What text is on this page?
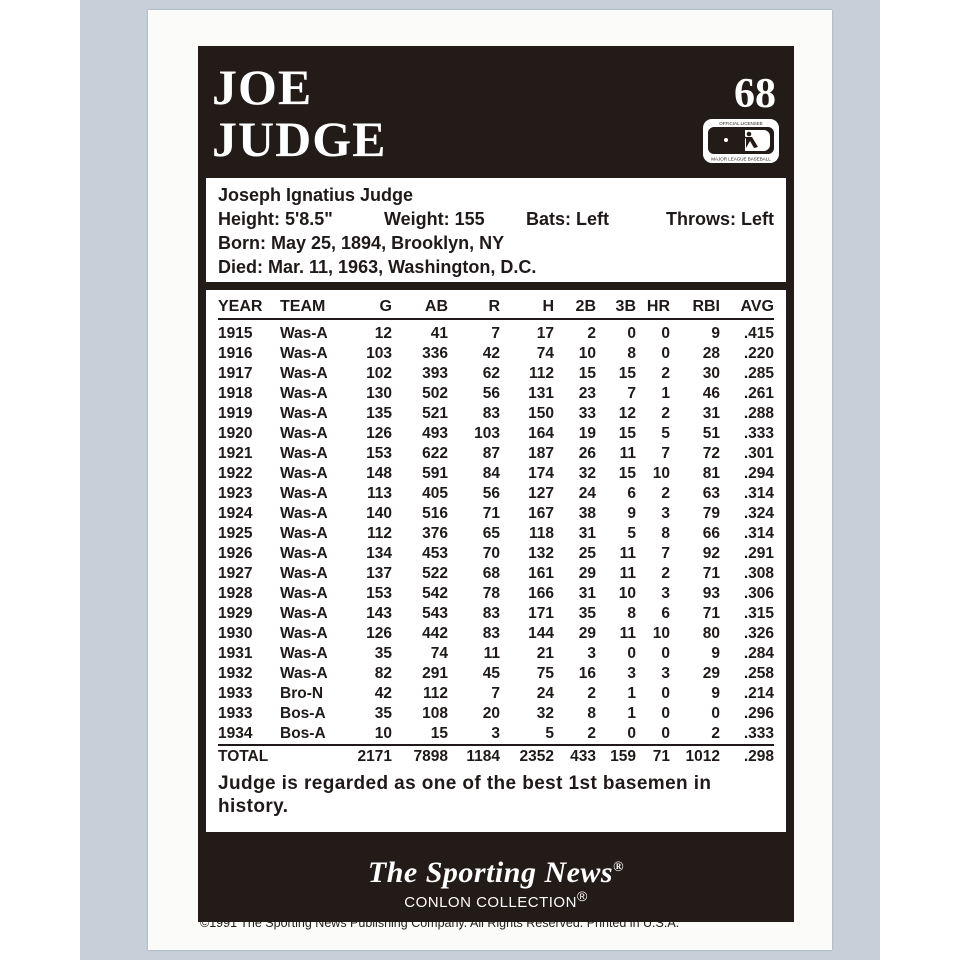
JOE
JUDGE
68
OFFICIAL LICENSEE
MAJOR LEAGUE BASEBALL
Joseph Ignatius Judge
Height: 5'8.5"	Weight: 155 Bats: Left	Throws: Left
Born: May 25, 1894, Brooklyn, NY
Died: Mar. 11, 1963, Washington, D.C.
YEAR	TEAM	G	AB	R	H	2B	3B	HR	RBI	AVG
1915	Was-A	12	41	7	17	2	0	0	9	.415
1916	Was-A	103	336	42	74	10	8	0	28	.220
1917	Was-A	102	393	62	112	15	15	2	30	.285
1918	Was-A	130	502	56	131	23	7	1	46	.261
1919	Was-A	135	521	83	150	33	12	2	31	.288
1920	Was-A	126	493	103	164	19	15	5	51	.333
1921	Was-A	153	622	87	187	26	11	7	72	.301
1922	Was-A	148	591	84	174	32	15	10	81	.294
1923	Was-A	113	405	56	127	24	6	2	63	.314
1924	Was-A	140	516	71	167	38	9	3	79	.324
1925	Was-A	112	376	65	118	31	5	8	66	.314
1926	Was-A	134	453	70	132	25	11	7	92	.291
1927	Was-A	137	522	68	161	29	11	2	71	.308
1928	Was-A	153	542	78	166	31	10	3	93	.306
1929	Was-A	143	543	83	171	35	8	6	71	.315
1930	Was-A	126	442	83	144	29	11	10	80	.326
1931	Was-A	35	74	11	21	3	0	0	9	.284
1932	Was-A	82	291	45	75	16	3	3	29	.258
1933	Bro-N	42	112	7	24	2	1	0	9	.214
1933	Bos-A	35	108	20	32	8	1	0	0	.296
1934	Bos-A	10	15	3	5	2	0	0	2	.333
TOTAL		2171	7898	1184	2352	433	159	71	1012	.298
Judge is regarded as one of the best 1st basemen in history.
The Sporting News®
CONLON COLLECTION®
©1991 The Sporting News Publishing Company. All Rights Reserved. Printed in U.S.A.
